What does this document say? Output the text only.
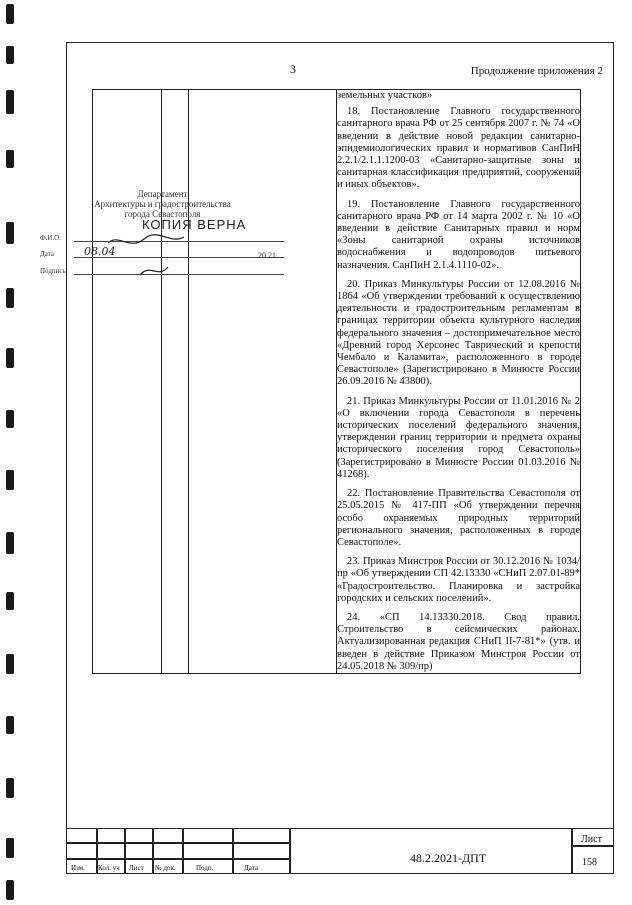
Продолжение приложения 2
3

земельных участков»

18. Постановление Главного государственного санитарного врача РФ от 25 сентября 2007 г. № 74 «О введении в действие новой редакции санитарно-эпидемиологических правил и нормативов СанПиН 2.2.1/2.1.1.1200-03 «Санитарно-защитные зоны и санитарная классификация предприятий, сооружений и иных объектов».

19. Постановление Главного государственного санитарного врача РФ от 14 марта 2002 г. № 10 «О введении в действие Санитарных правил и норм «Зоны санитарной охраны источников водоснабжения и водопроводов питьевого назначения. СанПиН 2.1.4.1110-02».

20. Приказ Минкультуры России от 12.08.2016 № 1864 «Об утверждении требований к осуществлению деятельности и градостроительным регламентам в границах территории объекта культурного наследия федерального значения – достопримечательное место «Древний город Херсонес Таврический и крепости Чембало и Каламита», расположенного в городе Севастополе» (Зарегистрировано в Минюсте России 26.09.2016 № 43800).

21. Приказ Минкультуры России от 11.01.2016 № 2 «О включении города Севастополя в перечень исторических поселений федерального значения, утверждении границ территории и предмета охраны исторического поселения город Севастополь» (Зарегистрировано в Минюсте России 01.03.2016 № 41268).

22. Постановление Правительства Севастополя от 25.05.2015 № 417-ПП «Об утверждении перечня особо охраняемых природных территорий регионального значения, расположенных в городе Севастополе».

23. Приказ Минстроя России от 30.12.2016 № 1034/пр «Об утверждении СП 42.13330 «СНиП 2.07.01-89* «Градостроительство. Планировка и застройка городских и сельских поселений».

24. «СП 14.13330.2018. Свод правил. Строительство в сейсмических районах. Актуализированная редакция СНиП II-7-81*» (утв. и введен в действие Приказом Минстроя России от 24.05.2018 № 309/пр)

Департамент
Архитектуры и градостроительства
города Севастополя
КОПИЯ ВЕРНА
Ф.И.О.
Дата
Подпись
08.04	20 21
Изм. Кол. уч Лист № док.	Подп.	Дата
48.2.2021-ДПТ
Лист
158
